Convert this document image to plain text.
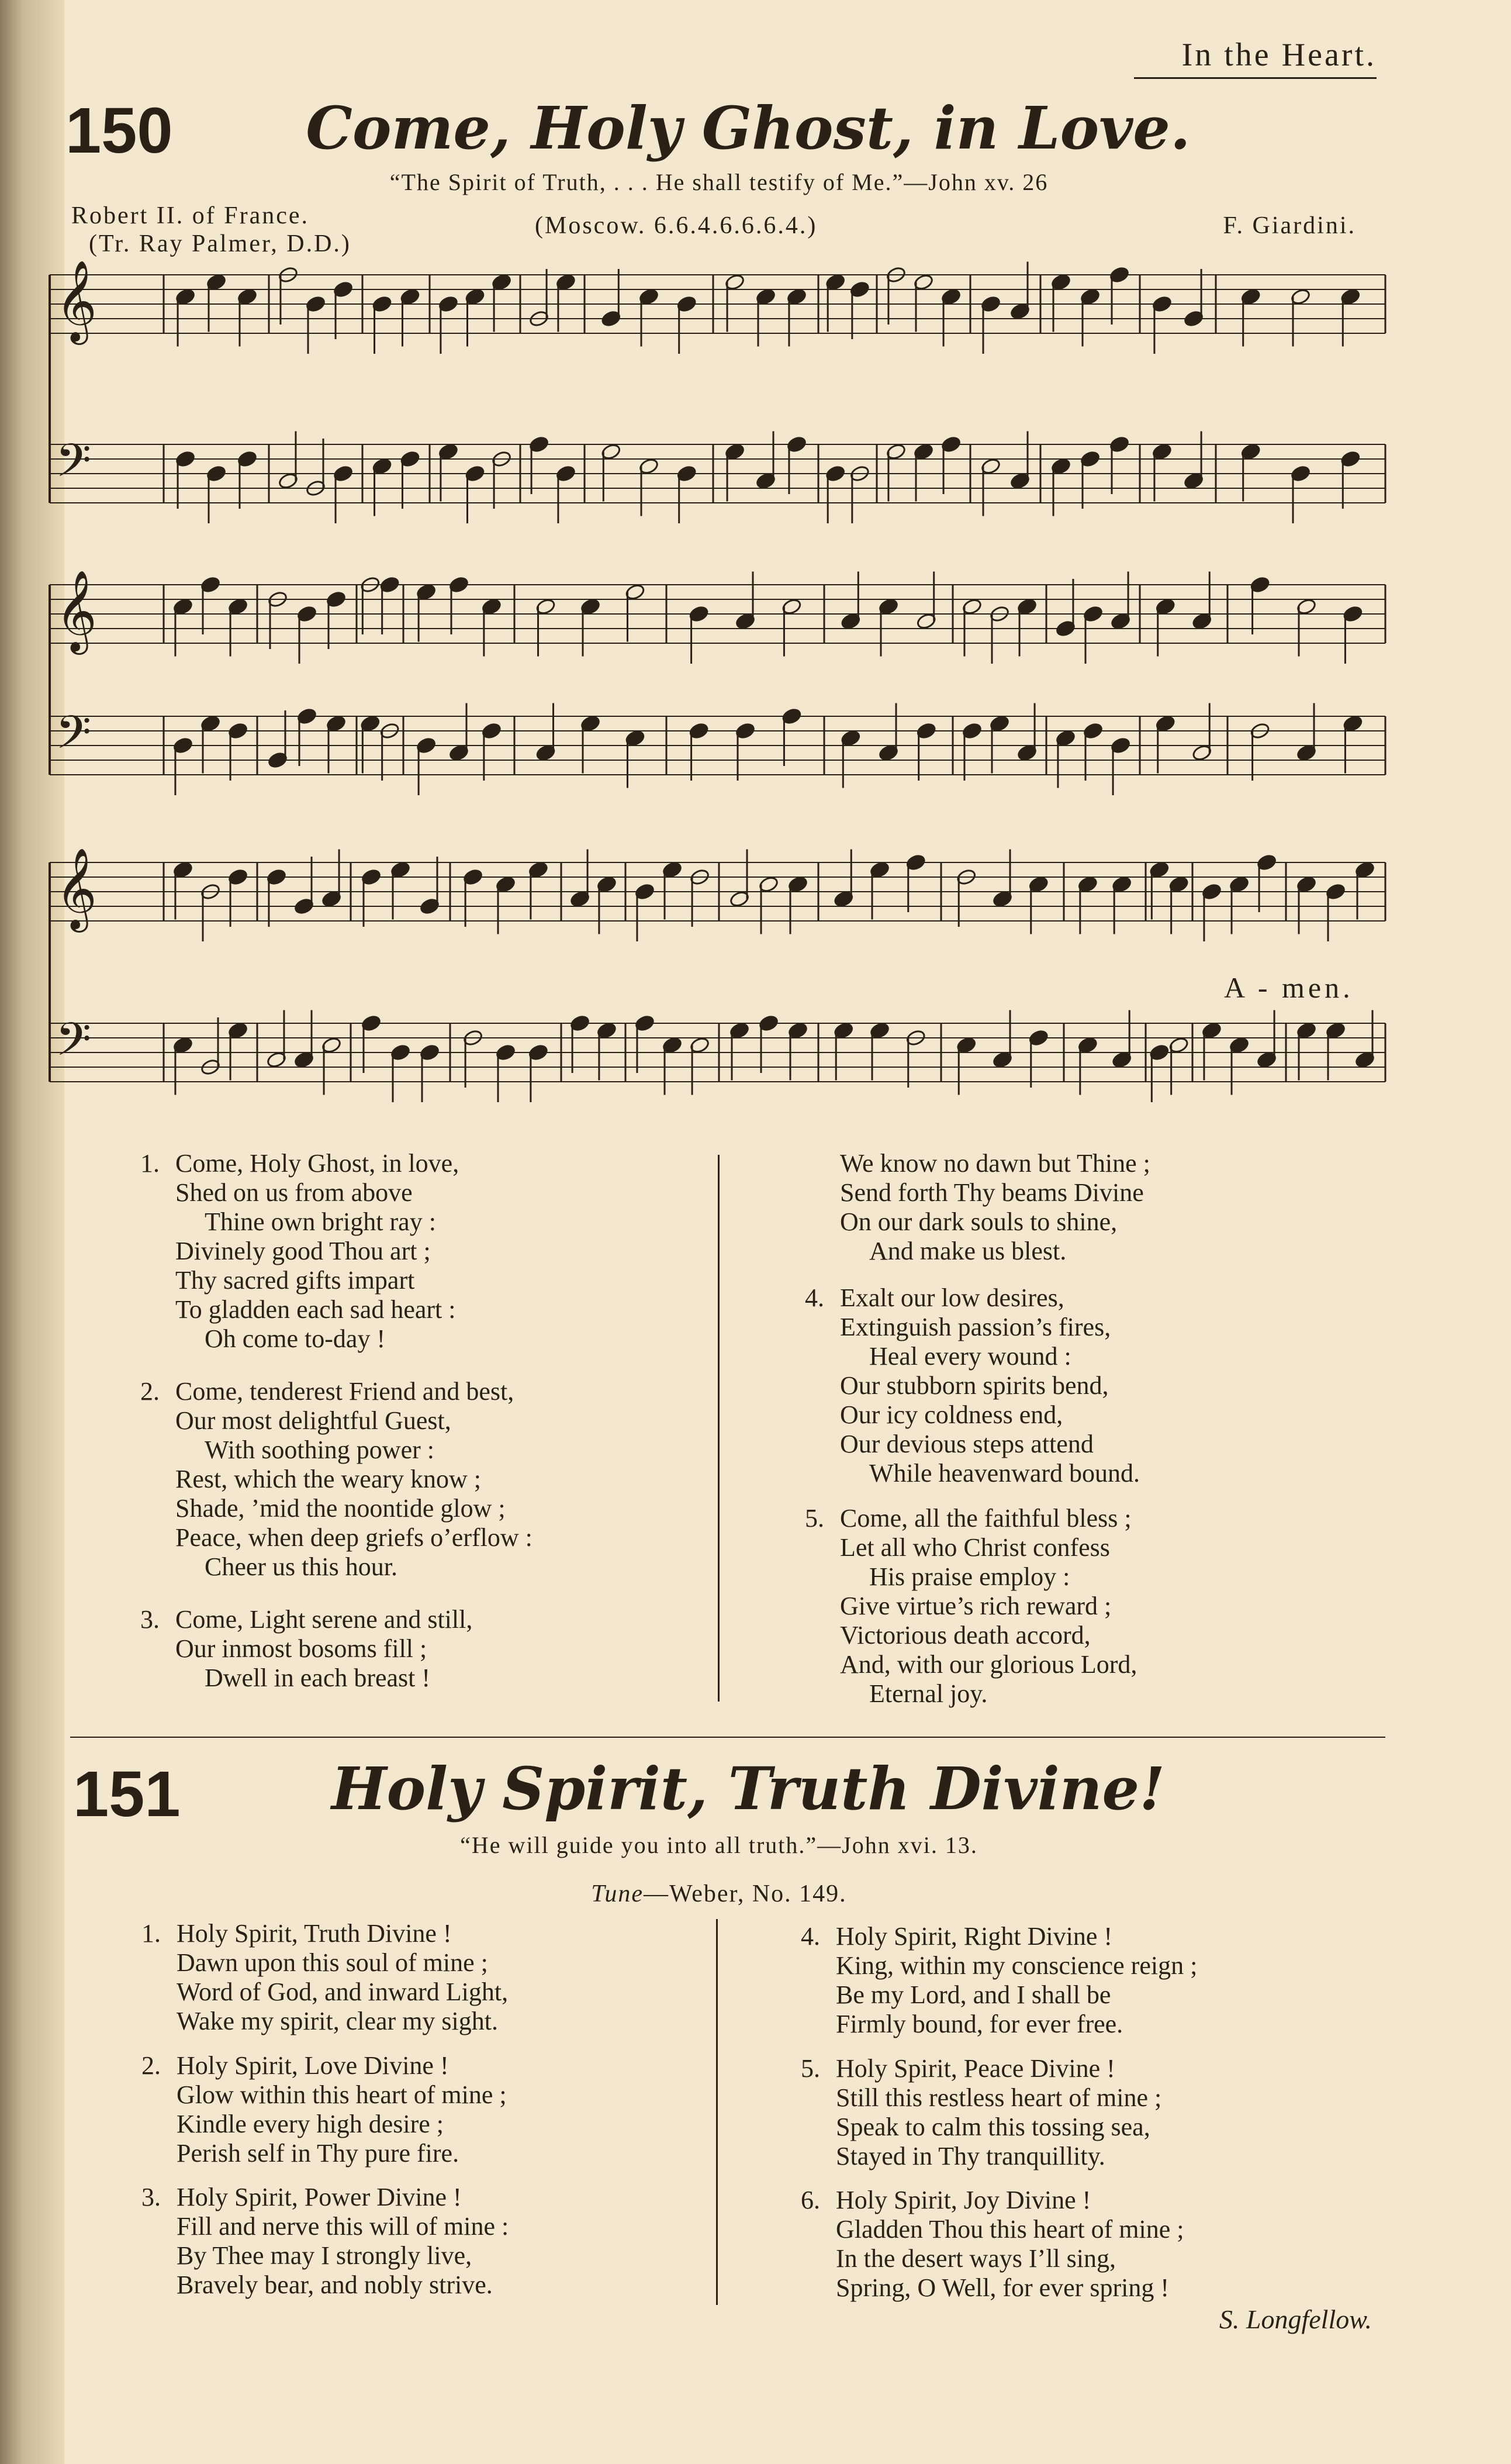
In the Heart.
150	Come, Holy Ghost, in Love.
“The Spirit of Truth, . . . He shall testify of Me.”—John xv. 26
Robert II. of France.
(Tr. Ray Palmer, D.D.)
(Moscow. 6.6.4.6.6.6.4.)	F. Giardini.
𝄞
𝄢
𝄞
𝄢
𝄞
𝄢
A - men.
1. Come, Holy Ghost, in love,
Shed on us from above
Thine own bright ray :
Divinely good Thou art ;
Thy sacred gifts impart
To gladden each sad heart :
Oh come to-day !
2. Come, tenderest Friend and best,
Our most delightful Guest,
With soothing power :
Rest, which the weary know ;
Shade, ’mid the noontide glow ;
Peace, when deep griefs o’erflow :
Cheer us this hour.
3. Come, Light serene and still,
Our inmost bosoms fill ;
Dwell in each breast !
We know no dawn but Thine ;
Send forth Thy beams Divine
On our dark souls to shine,
And make us blest.
4. Exalt our low desires,
Extinguish passion’s fires,
Heal every wound :
Our stubborn spirits bend,
Our icy coldness end,
Our devious steps attend
While heavenward bound.
5. Come, all the faithful bless ;
Let all who Christ confess
His praise employ :
Give virtue’s rich reward ;
Victorious death accord,
And, with our glorious Lord,
Eternal joy.
151	Holy Spirit, Truth Divine!
“He will guide you into all truth.”—John xvi. 13.
Tune—Weber, No. 149.
1. Holy Spirit, Truth Divine !
Dawn upon this soul of mine ;
Word of God, and inward Light,
Wake my spirit, clear my sight.
2. Holy Spirit, Love Divine !
Glow within this heart of mine ;
Kindle every high desire ;
Perish self in Thy pure fire.
3. Holy Spirit, Power Divine !
Fill and nerve this will of mine :
By Thee may I strongly live,
Bravely bear, and nobly strive.
4. Holy Spirit, Right Divine !
King, within my conscience reign ;
Be my Lord, and I shall be
Firmly bound, for ever free.
5. Holy Spirit, Peace Divine !
Still this restless heart of mine ;
Speak to calm this tossing sea,
Stayed in Thy tranquillity.
6. Holy Spirit, Joy Divine !
Gladden Thou this heart of mine ;
In the desert ways I’ll sing,
Spring, O Well, for ever spring !
S. Longfellow.
